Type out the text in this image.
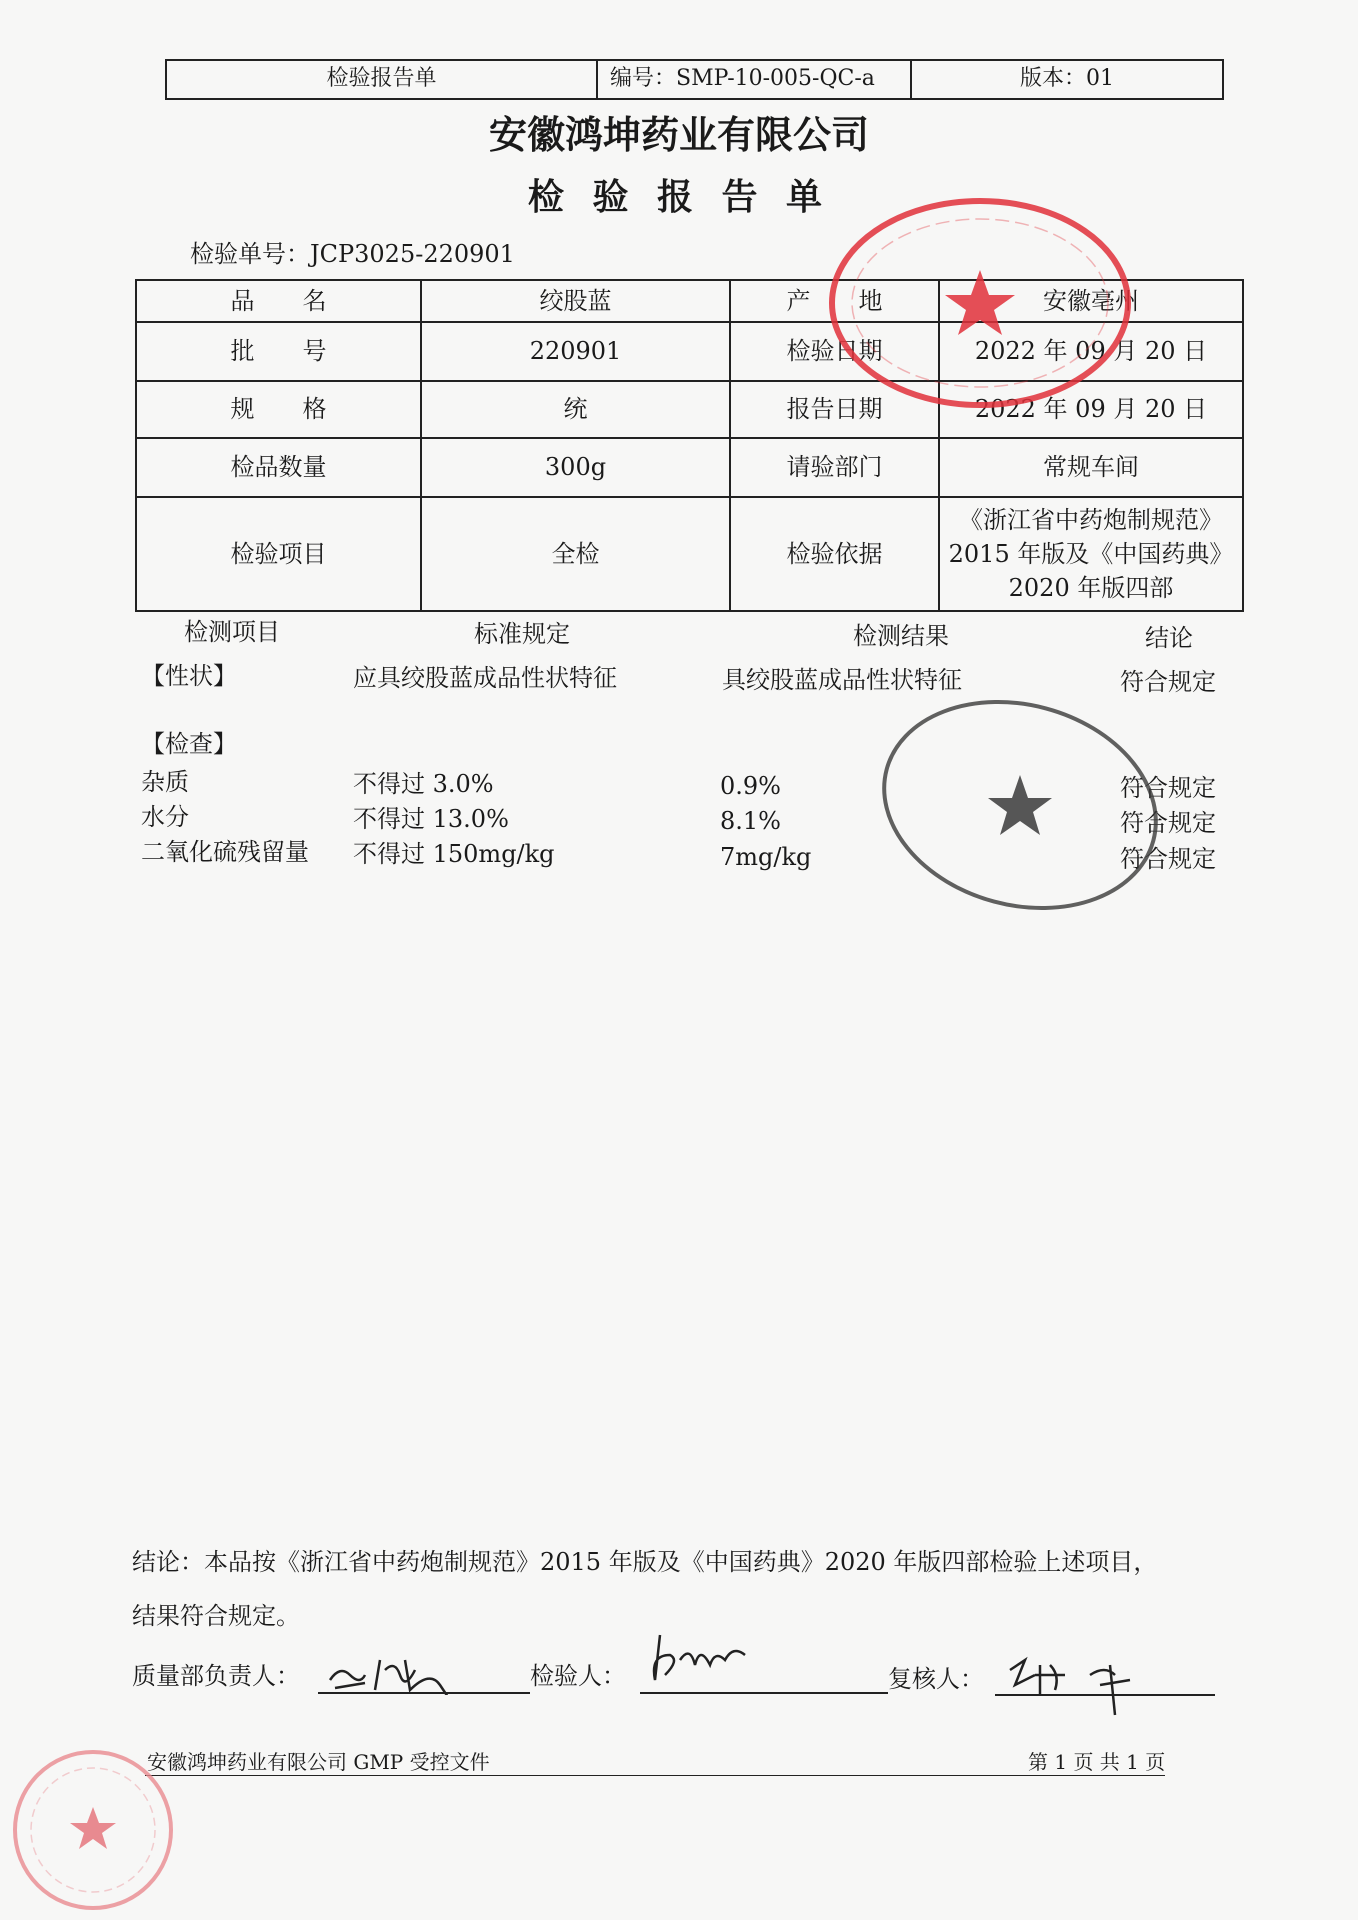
检验报告单	编号：SMP-10-005-QC-a	版本：01
安徽鸿坤药业有限公司
检 验 报 告 单
检验单号：JCP3025-220901
品　　名	绞股蓝	产　　地	安徽亳州
批　　号	220901	检验日期	2022 年 09 月 20 日
规　　格	统	报告日期	2022 年 09 月 20 日
检品数量	300g	请验部门	常规车间
检验项目	全检	检验依据	《浙江省中药炮制规范》
2015 年版及《中国药典》
2020 年版四部
检测项目	标准规定	检测结果	结论
【性状】	应具绞股蓝成品性状特征	具绞股蓝成品性状特征	符合规定
【检查】
杂质	不得过 3.0%	0.9%	符合规定
水分	不得过 13.0%	8.1%	符合规定
二氧化硫残留量 不得过 150mg/kg	7mg/kg	符合规定
结论：本品按《浙江省中药炮制规范》2015 年版及《中国药典》2020 年版四部检验上述项目，
结果符合规定。
质量部负责人：	检验人：	复核人：
安徽鸿坤药业有限公司 GMP 受控文件	第 1 页 共 1 页
